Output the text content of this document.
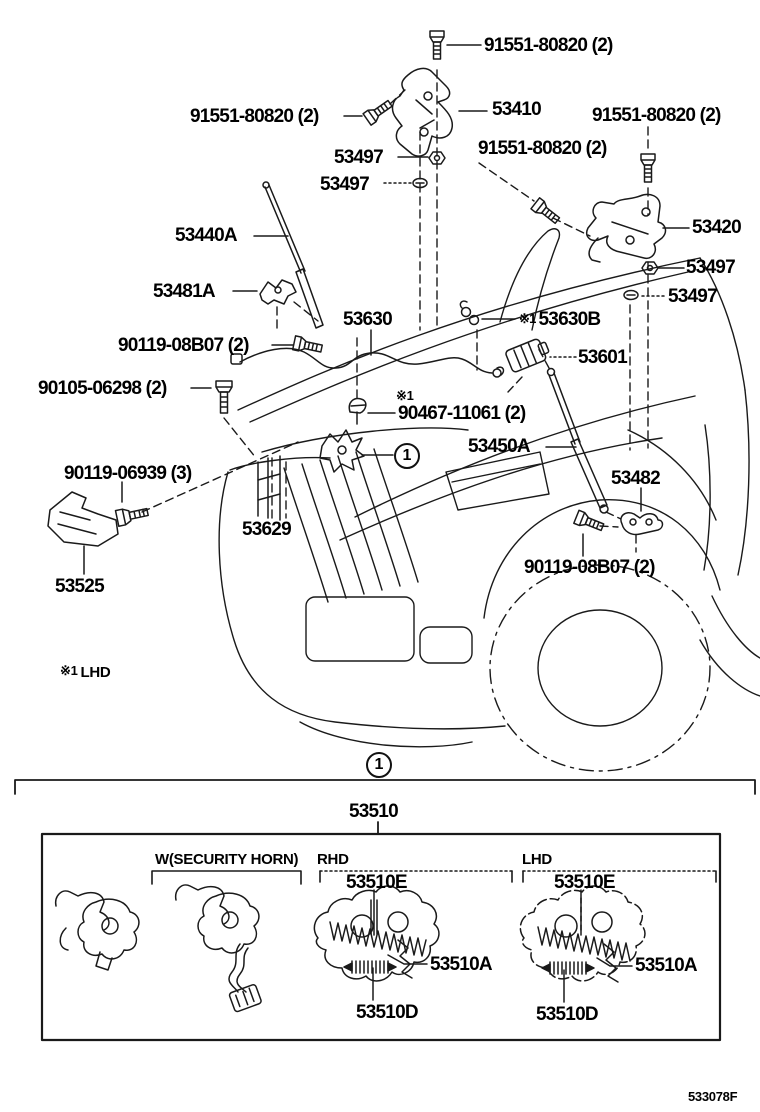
91551-80820 (2)
91551-80820 (2)	53410
91551-80820 (2)
91551-80820 (2)
53497
53497
53440A	53420
53497
53497
53481A
53630	※1 53630B
53601
90119-08B07 (2)
90105-06298 (2)	※1
90467-11061 (2)
53450A
53482
90119-08B07 (2)
90119-06939 (3)
53629
53525
※1 LHD
1
1
53510
W(SECURITY HORN) RHD	LHD
53510E	53510E
53510A	53510A
53510D	53510D
533078F
